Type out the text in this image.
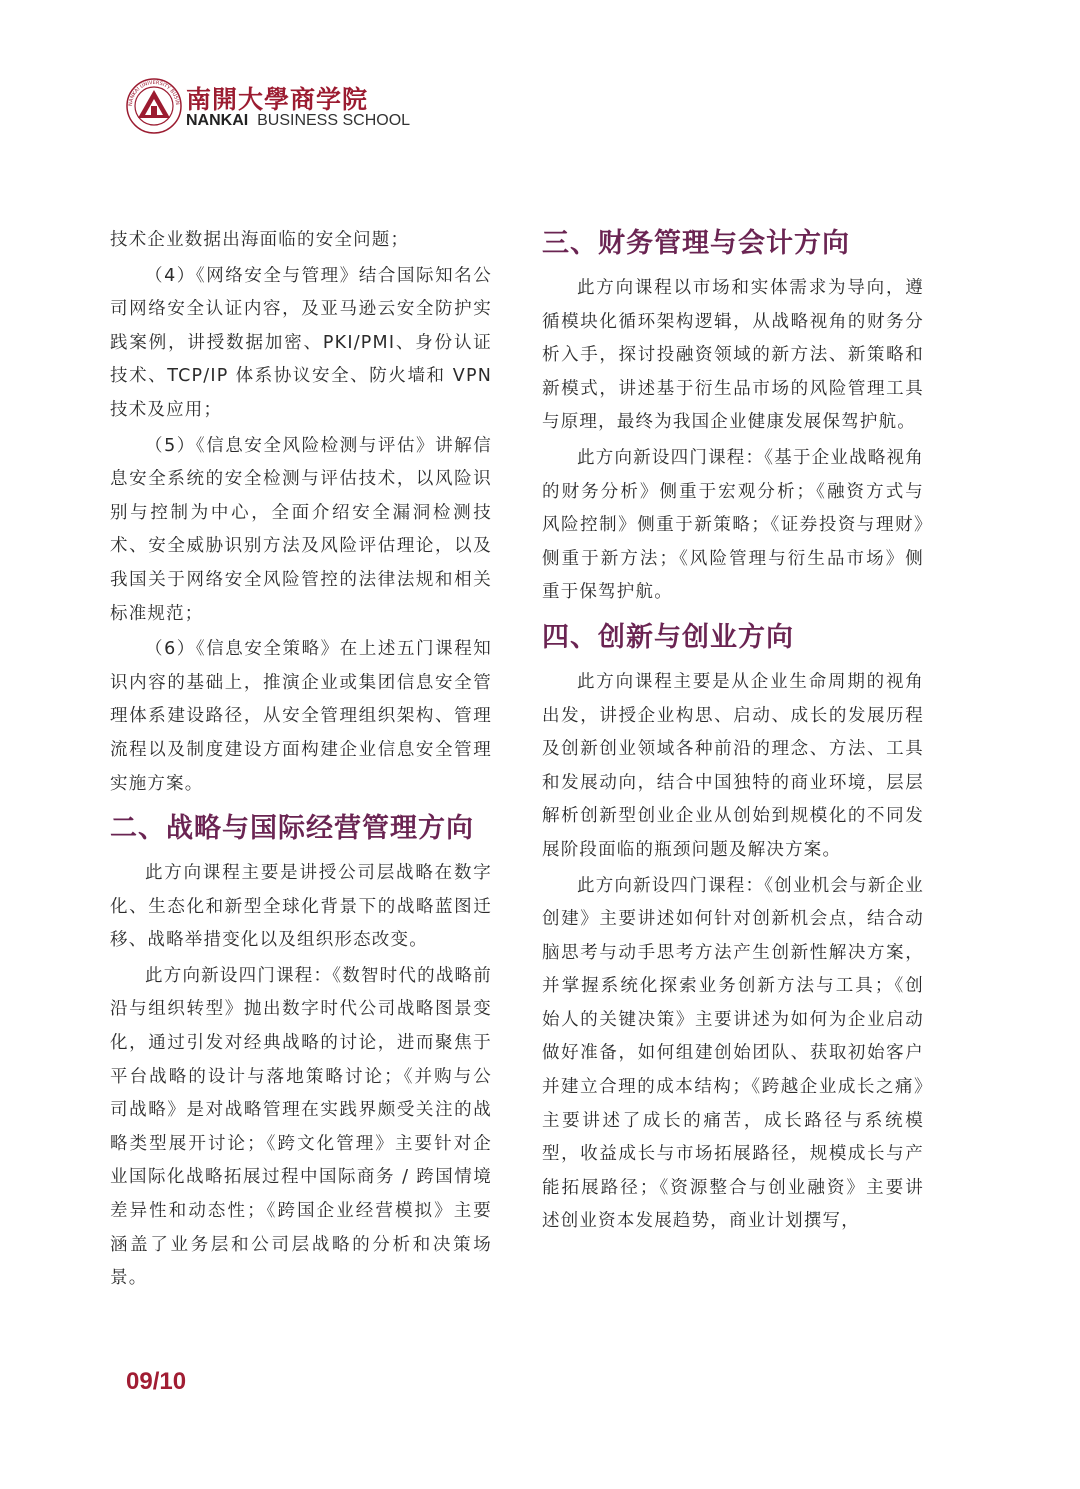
NANKAI UNIVERSITY BUSIN 南開大學商学院
NANKAI BUSINESS SCHOOL

技术企业数据出海面临的安全问题；

（4）《网络安全与管理》结合国际知名公司网络安全认证内容，及亚马逊云安全防护实践案例，讲授数据加密、PKI/PMI、身份认证技术、TCP/IP 体系协议安全、防火墙和 VPN 技术及应用；

（5）《信息安全风险检测与评估》讲解信息安全系统的安全检测与评估技术，以风险识别与控制为中心，全面介绍安全漏洞检测技术、安全威胁识别方法及风险评估理论，以及我国关于网络安全风险管控的法律法规和相关标准规范；

（6）《信息安全策略》在上述五门课程知识内容的基础上，推演企业或集团信息安全管理体系建设路径，从安全管理组织架构、管理流程以及制度建设方面构建企业信息安全管理实施方案。

二、战略与国际经营管理方向

此方向课程主要是讲授公司层战略在数字化、生态化和新型全球化背景下的战略蓝图迁移、战略举措变化以及组织形态改变。

此方向新设四门课程：《数智时代的战略前沿与组织转型》抛出数字时代公司战略图景变化，通过引发对经典战略的讨论，进而聚焦于平台战略的设计与落地策略讨论；《并购与公司战略》是对战略管理在实践界颇受关注的战略类型展开讨论；《跨文化管理》主要针对企业国际化战略拓展过程中国际商务 / 跨国情境差异性和动态性；《跨国企业经营模拟》主要涵盖了业务层和公司层战略的分析和决策场景。

三、财务管理与会计方向

此方向课程以市场和实体需求为导向，遵循模块化循环架构逻辑，从战略视角的财务分析入手，探讨投融资领域的新方法、新策略和新模式，讲述基于衍生品市场的风险管理工具与原理，最终为我国企业健康发展保驾护航。

此方向新设四门课程：《基于企业战略视角的财务分析》侧重于宏观分析；《融资方式与风险控制》侧重于新策略；《证券投资与理财》侧重于新方法；《风险管理与衍生品市场》侧重于保驾护航。

四、创新与创业方向

此方向课程主要是从企业生命周期的视角出发，讲授企业构思、启动、成长的发展历程及创新创业领域各种前沿的理念、方法、工具和发展动向，结合中国独特的商业环境，层层解析创新型创业企业从创始到规模化的不同发展阶段面临的瓶颈问题及解决方案。

此方向新设四门课程：《创业机会与新企业创建》主要讲述如何针对创新机会点，结合动脑思考与动手思考方法产生创新性解决方案，并掌握系统化探索业务创新方法与工具；《创始人的关键决策》主要讲述为如何为企业启动做好准备，如何组建创始团队、获取初始客户并建立合理的成本结构；《跨越企业成长之痛》主要讲述了成长的痛苦，成长路径与系统模型，收益成长与市场拓展路径，规模成长与产能拓展路径；《资源整合与创业融资》主要讲述创业资本发展趋势，商业计划撰写，

09/10
